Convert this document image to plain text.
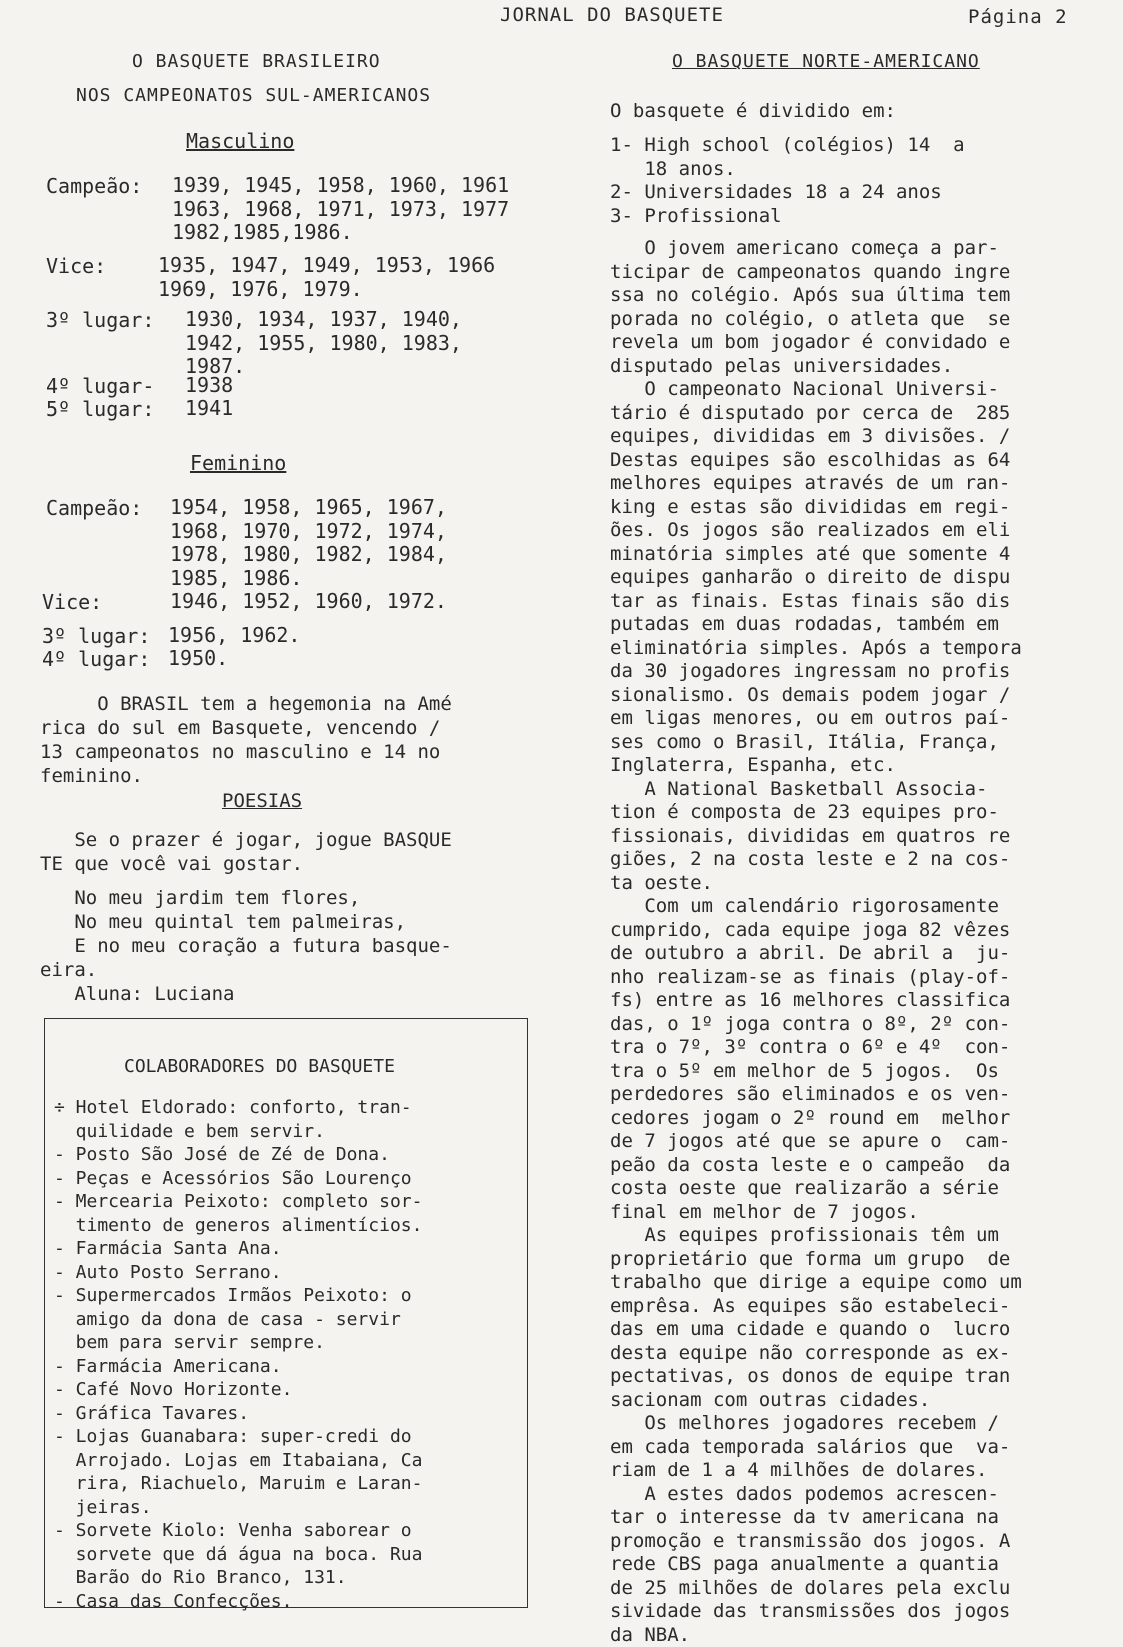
JORNAL DO BASQUETE	Página 2
O BASQUETE BRASILEIRO
NOS CAMPEONATOS SUL-AMERICANOS
Masculino
Campeão: 1939, 1945, 1958, 1960, 1961
1963, 1968, 1971, 1973, 1977
1982,1985,1986.
Vice:	1935, 1947, 1949, 1953, 1966
1969, 1976, 1979.
3º lugar: 1930, 1934, 1937, 1940,
1942, 1955, 1980, 1983,
1987.
4º lugar- 1938
5º lugar: 1941
Feminino
Campeão: 1954, 1958, 1965, 1967,
1968, 1970, 1972, 1974,
1978, 1980, 1982, 1984,
1985, 1986.
Vice:	1946, 1952, 1960, 1972.
3º lugar: 1956, 1962.
4º lugar: 1950.
O BRASIL tem a hegemonia na Amé
rica do sul em Basquete, vencendo /
13 campeonatos no masculino e 14 no
feminino.
POESIAS
Se o prazer é jogar, jogue BASQUE
TE que você vai gostar.
No meu jardim tem flores,
No meu quintal tem palmeiras,
E no meu coração a futura basque-
eira.
Aluna: Luciana
COLABORADORES DO BASQUETE
÷ Hotel Eldorado: conforto, tran-
quilidade e bem servir.
- Posto São José de Zé de Dona.
- Peças e Acessórios São Lourenço
- Mercearia Peixoto: completo sor-
timento de generos alimentícios.
- Farmácia Santa Ana.
- Auto Posto Serrano.
- Supermercados Irmãos Peixoto: o
amigo da dona de casa - servir
bem para servir sempre.
- Farmácia Americana.
- Café Novo Horizonte.
- Gráfica Tavares.
- Lojas Guanabara: super-credi do
Arrojado. Lojas em Itabaiana, Ca
rira, Riachuelo, Maruim e Laran-
jeiras.
- Sorvete Kiolo: Venha saborear o
sorvete que dá água na boca. Rua
Barão do Rio Branco, 131.
- Casa das Confecções.
O BASQUETE NORTE-AMERICANO
O basquete é dividido em:
1- High school (colégios) 14  a
18 anos.
2- Universidades 18 a 24 anos
3- Profissional
O jovem americano começa a par-
ticipar de campeonatos quando ingre
ssa no colégio. Após sua última tem
porada no colégio, o atleta que  se
revela um bom jogador é convidado e
disputado pelas universidades.
O campeonato Nacional Universi-
tário é disputado por cerca de  285
equipes, divididas em 3 divisões. /
Destas equipes são escolhidas as 64
melhores equipes através de um ran-
king e estas são divididas em regi-
ões. Os jogos são realizados em eli
minatória simples até que somente 4
equipes ganharão o direito de dispu
tar as finais. Estas finais são dis
putadas em duas rodadas, também em
eliminatória simples. Após a tempora
da 30 jogadores ingressam no profis
sionalismo. Os demais podem jogar /
em ligas menores, ou em outros paí-
ses como o Brasil, Itália, França,
Inglaterra, Espanha, etc.
A National Basketball Associa-
tion é composta de 23 equipes pro-
fissionais, divididas em quatros re
giões, 2 na costa leste e 2 na cos-
ta oeste.
Com um calendário rigorosamente
cumprido, cada equipe joga 82 vêzes
de outubro a abril. De abril a  ju-
nho realizam-se as finais (play-of-
fs) entre as 16 melhores classifica
das, o 1º joga contra o 8º, 2º con-
tra o 7º, 3º contra o 6º e 4º  con-
tra o 5º em melhor de 5 jogos.  Os
perdedores são eliminados e os ven-
cedores jogam o 2º round em  melhor
de 7 jogos até que se apure o  cam-
peão da costa leste e o campeão  da
costa oeste que realizarão a série
final em melhor de 7 jogos.
As equipes profissionais têm um
proprietário que forma um grupo  de
trabalho que dirige a equipe como um
emprêsa. As equipes são estabeleci-
das em uma cidade e quando o  lucro
desta equipe não corresponde as ex-
pectativas, os donos de equipe tran
sacionam com outras cidades.
Os melhores jogadores recebem /
em cada temporada salários que  va-
riam de 1 a 4 milhões de dolares.
A estes dados podemos acrescen-
tar o interesse da tv americana na
promoção e transmissão dos jogos. A
rede CBS paga anualmente a quantia
de 25 milhões de dolares pela exclu
sividade das transmissões dos jogos
da NBA.
